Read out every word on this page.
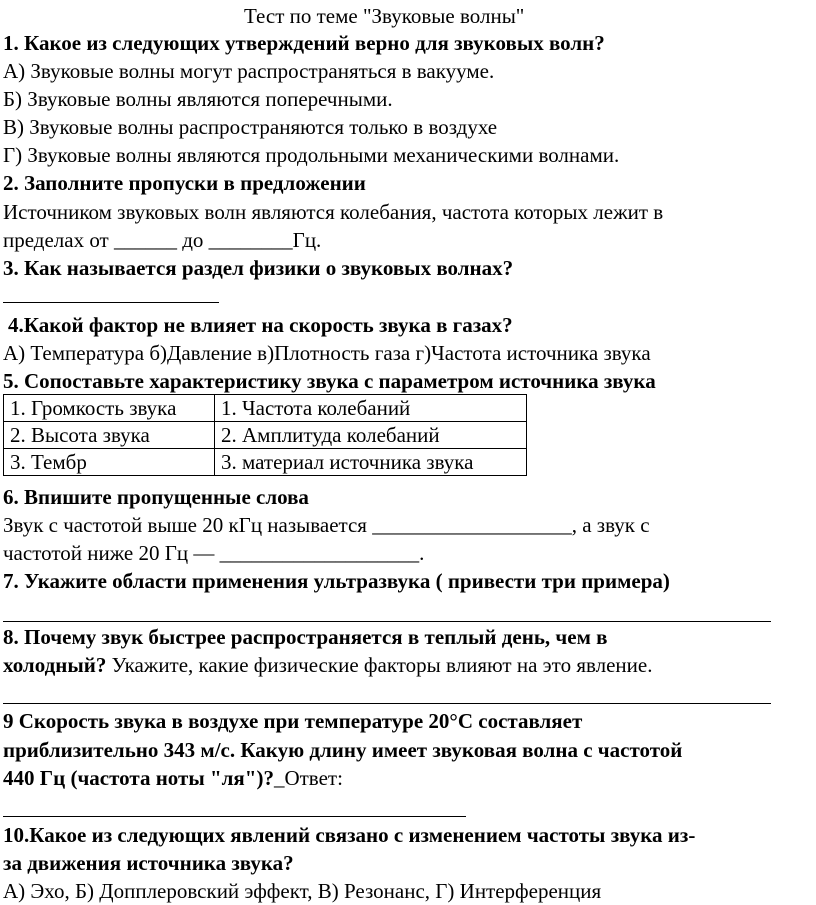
Тест по теме "Звуковые волны"
1. Какое из следующих утверждений верно для звуковых волн?
А) Звуковые волны могут распространяться в вакууме.
Б) Звуковые волны являются поперечными.
В) Звуковые волны распространяются только в воздухе
Г) Звуковые волны являются продольными механическими волнами.
2. Заполните пропуски в предложении
Источником звуковых волн являются колебания, частота которых лежит в
пределах от ______ до ________Гц.
3. Как называется раздел физики о звуковых волнах?
4.Какой фактор не влияет на скорость звука в газах?
А) Температура б)Давление в)Плотность газа г)Частота источника звука
5. Сопоставьте характеристику звука с параметром источника звука
1. Громкость звука	1. Частота колебаний
2. Высота звука	2. Амплитуда колебаний
3. Тембр	3. материал источника звука
6. Впишите пропущенные слова
Звук с частотой выше 20 кГц называется ___________________, а звук с
частотой ниже 20 Гц — ___________________.
7. Укажите области применения ультразвука ( привести три примера)
8. Почему звук быстрее распространяется в теплый день, чем в
холодный? Укажите, какие физические факторы влияют на это явление.
9 Скорость звука в воздухе при температуре 20°C составляет
приблизительно 343 м/с. Какую длину имеет звуковая волна с частотой
440 Гц (частота ноты "ля")?_Ответ:
10.Какое из следующих явлений связано с изменением частоты звука из-
за движения источника звука?
А) Эхо, Б) Допплеровский эффект, В) Резонанс, Г) Интерференция
